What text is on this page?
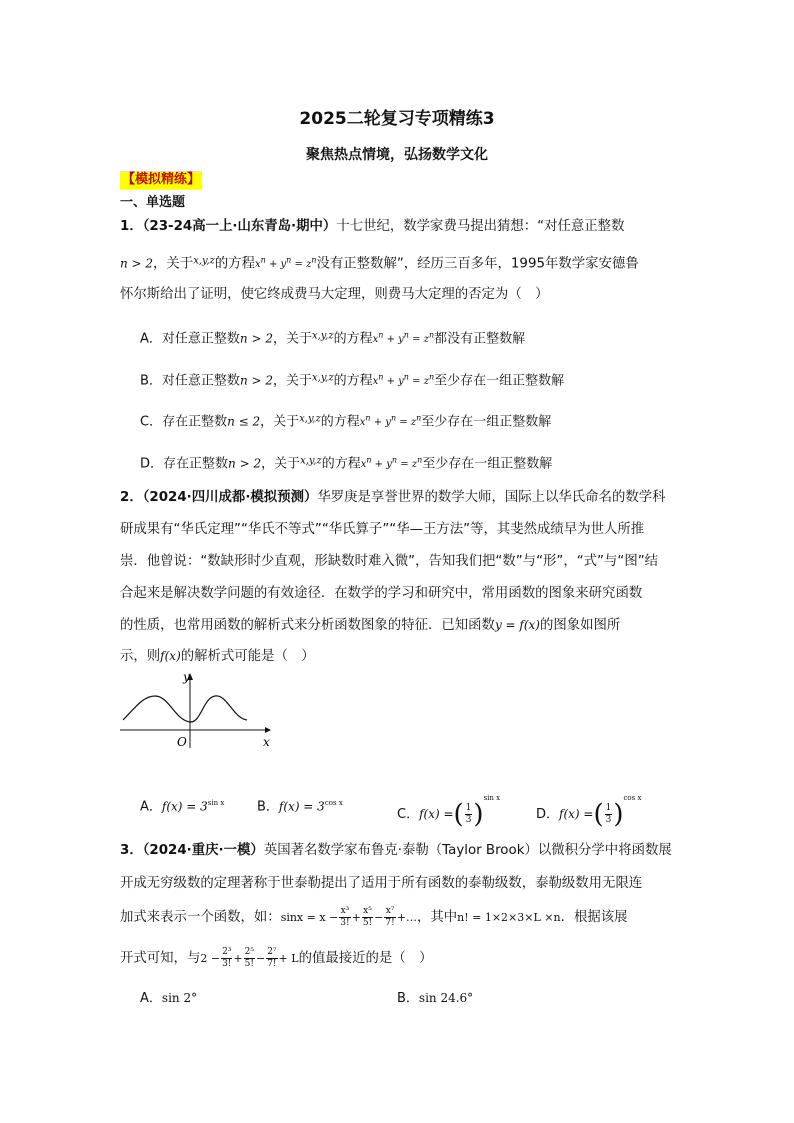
2025二轮复习专项精练3
聚焦热点情境，弘扬数学文化
【模拟精练】
一、单选题
1．（23-24高一上·山东青岛·期中）十七世纪，数学家费马提出猜想：“对任意正整数
n > 2，关于$^{x,y,z}$的方程$x^n + y^n = z^n$没有正整数解”，经历三百多年，1995年数学家安德鲁
怀尔斯给出了证明，使它终成费马大定理，则费马大定理的否定为（　）
A．对任意正整数n > 2，关于$^{x,y,z}$的方程$x^n + y^n = z^n$都没有正整数解
B．对任意正整数n > 2，关于$^{x,y,z}$的方程$x^n + y^n = z^n$至少存在一组正整数解
C．存在正整数n ≤ 2，关于$^{x,y,z}$的方程$x^n + y^n = z^n$至少存在一组正整数解
D．存在正整数n > 2，关于$^{x,y,z}$的方程$x^n + y^n = z^n$至少存在一组正整数解
2．（2024·四川成都·模拟预测）华罗庚是享誉世界的数学大师，国际上以华氏命名的数学科
研成果有“华氏定理”“华氏不等式”“华氏算子”“华—王方法”等，其斐然成绩早为世人所推
崇．他曾说：“数缺形时少直观，形缺数时难入微”，告知我们把“数”与“形”，“式”与“图”结
合起来是解决数学问题的有效途径．在数学的学习和研究中，常用函数的图象来研究函数
的性质，也常用函数的解析式来分析函数图象的特征．已知函数y = f(x)的图象如图所
示，则f(x)的解析式可能是（　）
y
x
O
A．$f(x) = 3^{sin x}$	B．$f(x) = 3^{cos x}$
C．f(x) =( $\frac{1}{3} )^{sin x}$
D．f(x) =( $\frac{1}{3} )^{cos x}$
3．（2024·重庆·一模）英国著名数学家布鲁克·泰勒（Taylor Brook）以微积分学中将函数展
开成无穷级数的定理著称于世泰勒提出了适用于所有函数的泰勒级数，泰勒级数用无限连
加式来表示一个函数，如：$\sin x = x - \frac{\text{x³}}{3!} + \frac{\text{x⁵}}{5!} - \frac{\text{x⁷}}{7!}$ +…，其中n! = 1×2×3×L ×n．根据该展
开式可知，与$2 - \frac{\text{2³}}{3!} + \frac{\text{2⁵}}{5!} - \frac{\text{2⁷}}{7!} + L$的值最接近的是（　）
A．sin 2°	B．sin 24.6°
